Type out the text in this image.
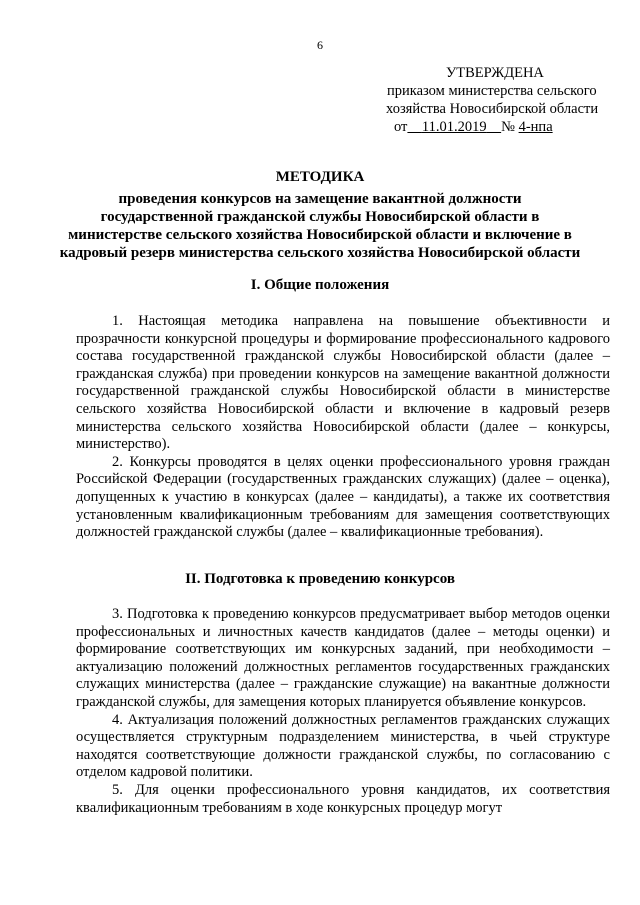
6
УТВЕРЖДЕНА
приказом министерства сельского
хозяйства Новосибирской области
от 11.01.2019 № 4-нпа
МЕТОДИКА
проведения конкурсов на замещение вакантной должности
государственной гражданской службы Новосибирской области в
министерстве сельского хозяйства Новосибирской области и включение в
кадровый резерв министерства сельского хозяйства Новосибирской области
I. Общие положения

1. Настоящая методика направлена на повышение объективности и прозрачности конкурсной процедуры и формирование профессионального кадрового состава государственной гражданской службы Новосибирской области (далее – гражданская служба) при проведении конкурсов на замещение вакантной должности государственной гражданской службы Новосибирской области в министерстве сельского хозяйства Новосибирской области и включение в кадровый резерв министерства сельского хозяйства Новосибирской области (далее – конкурсы, министерство).

2. Конкурсы проводятся в целях оценки профессионального уровня граждан Российской Федерации (государственных гражданских служащих) (далее – оценка), допущенных к участию в конкурсах (далее – кандидаты), а также их соответствия установленным квалификационным требованиям для замещения соответствующих должностей гражданской службы (далее – квалификационные требования).

II. Подготовка к проведению конкурсов

3. Подготовка к проведению конкурсов предусматривает выбор методов оценки профессиональных и личностных качеств кандидатов (далее – методы оценки) и формирование соответствующих им конкурсных заданий, при необходимости – актуализацию положений должностных регламентов государственных гражданских служащих министерства (далее – гражданские служащие) на вакантные должности гражданской службы, для замещения которых планируется объявление конкурсов.

4. Актуализация положений должностных регламентов гражданских служащих осуществляется структурным подразделением министерства, в чьей структуре находятся соответствующие должности гражданской службы, по согласованию с отделом кадровой политики.

5. Для оценки профессионального уровня кандидатов, их соответствия квалификационным требованиям в ходе конкурсных процедур могут
